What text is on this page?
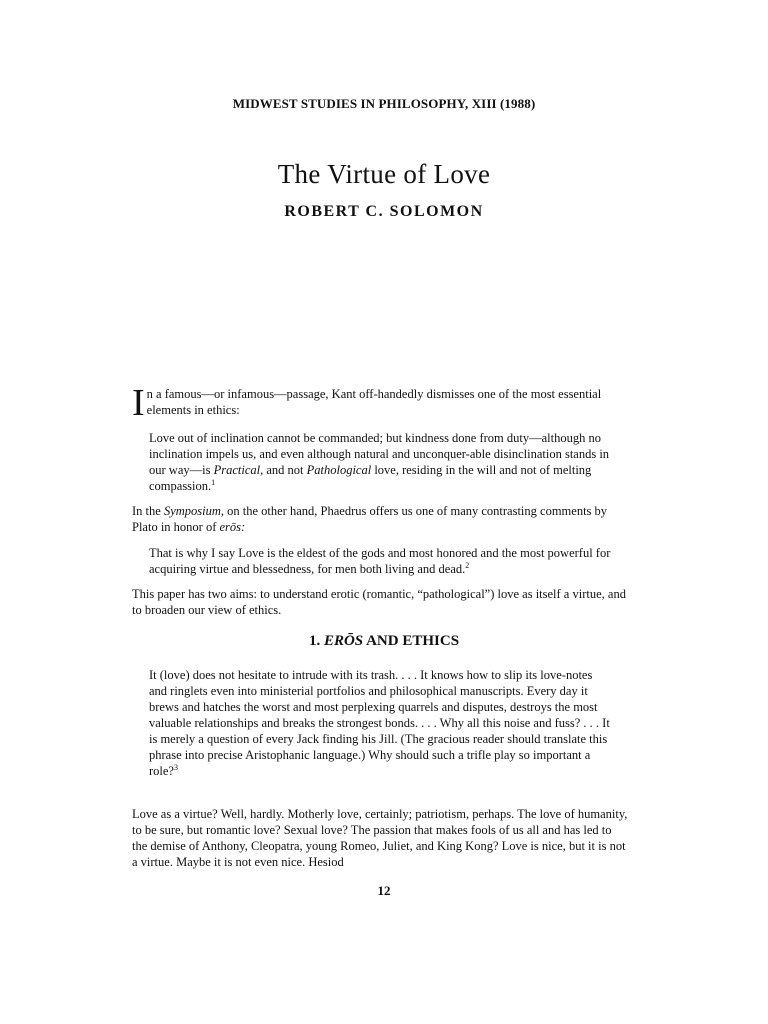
MIDWEST STUDIES IN PHILOSOPHY, XIII (1988)
The Virtue of Love
ROBERT C. SOLOMON
In a famous—or infamous—passage, Kant off-handedly dismisses one of the most essential elements in ethics:
Love out of inclination cannot be commanded; but kindness done from duty—although no inclination impels us, and even although natural and unconquer-able disinclination stands in our way—is Practical, and not Pathological love, residing in the will and not of melting compassion.$^1$
In the Symposium, on the other hand, Phaedrus offers us one of many contrasting comments by Plato in honor of erōs:
That is why I say Love is the eldest of the gods and most honored and the most powerful for acquiring virtue and blessedness, for men both living and dead.$^2$
This paper has two aims: to understand erotic (romantic, “pathological”) love as itself a virtue, and to broaden our view of ethics.
1. ERŌS AND ETHICS
It (love) does not hesitate to intrude with its trash. . . . It knows how to slip its love-notes and ringlets even into ministerial portfolios and philosophical manuscripts. Every day it brews and hatches the worst and most perplexing quarrels and disputes, destroys the most valuable relationships and breaks the strongest bonds. . . . Why all this noise and fuss? . . . It is merely a question of every Jack finding his Jill. (The gracious reader should translate this phrase into precise Aristophanic language.) Why should such a trifle play so important a role?$^3$
Love as a virtue? Well, hardly. Motherly love, certainly; patriotism, perhaps. The love of humanity, to be sure, but romantic love? Sexual love? The passion that makes fools of us all and has led to the demise of Anthony, Cleopatra, young Romeo, Juliet, and King Kong? Love is nice, but it is not a virtue. Maybe it is not even nice. Hesiod
12
